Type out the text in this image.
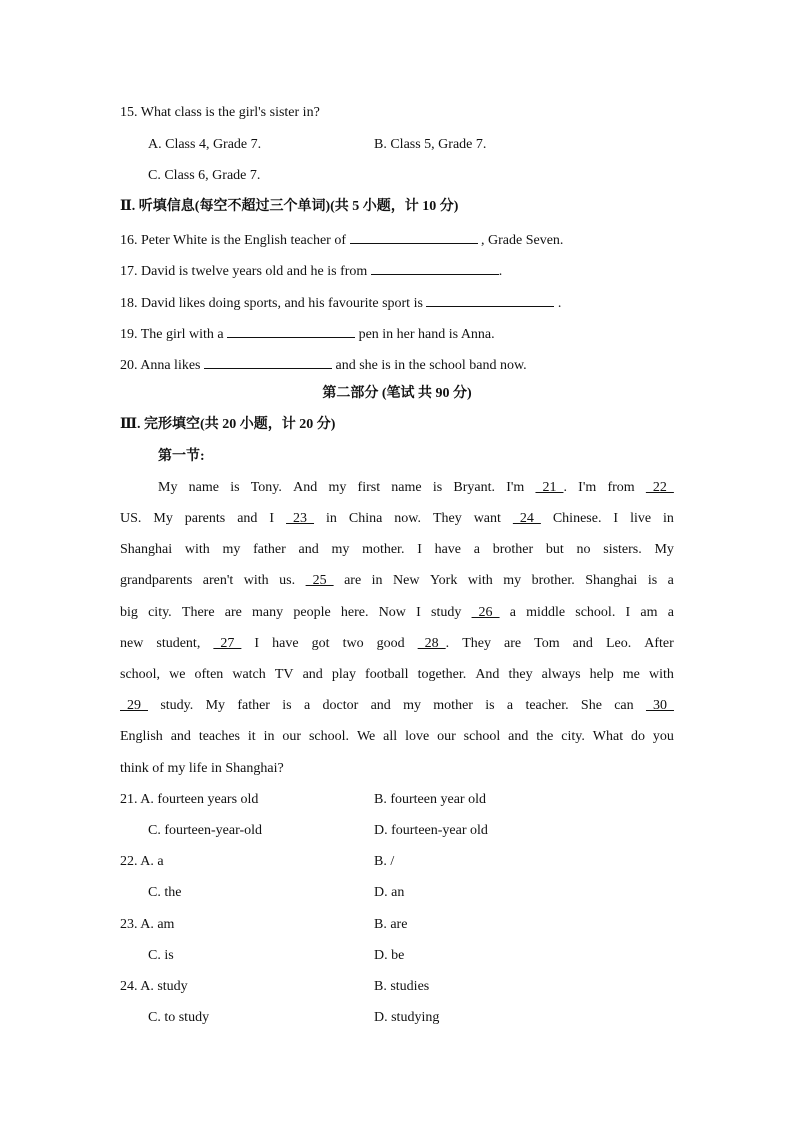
15. What class is the girl's sister in?
A. Class 4, Grade 7.	B. Class 5, Grade 7.
C. Class 6, Grade 7.
Ⅱ. 听填信息(每空不超过三个单词)(共 5 小题，计 10 分)
16. Peter White is the English teacher of	, Grade Seven.
17. David is twelve years old and he is from	.
18. David likes doing sports, and his favourite sport is	.
19. The girl with a	pen in her hand is Anna.
20. Anna likes	and she is in the school band now.
第二部分 (笔试 共 90 分)
Ⅲ. 完形填空(共 20 小题，计 20 分)
第一节:
My name is Tony. And my first name is Bryant. I'm 21  . I'm from 22
US. My parents and I 23 in China now. They want 24 Chinese. I live in
Shanghai with my father and my mother. I have a brother but no sisters. My
grandparents aren't with us. 25 are in New York with my brother. Shanghai is a
big city. There are many people here. Now I study 26 a middle school. I am a
new student, 27 I have got two good 28  . They are Tom and Leo. After
school, we often watch TV and play football together. And they always help me with
29 study. My father is a doctor and my mother is a teacher. She can 30
English and teaches it in our school. We all love our school and the city. What do you
think of my life in Shanghai?
21. A. fourteen years old	B. fourteen year old
C. fourteen-year-old	D. fourteen-year old
22. A. a	B. /
C. the	D. an
23. A. am	B. are
C. is	D. be
24. A. study	B. studies
C. to study	D. studying
